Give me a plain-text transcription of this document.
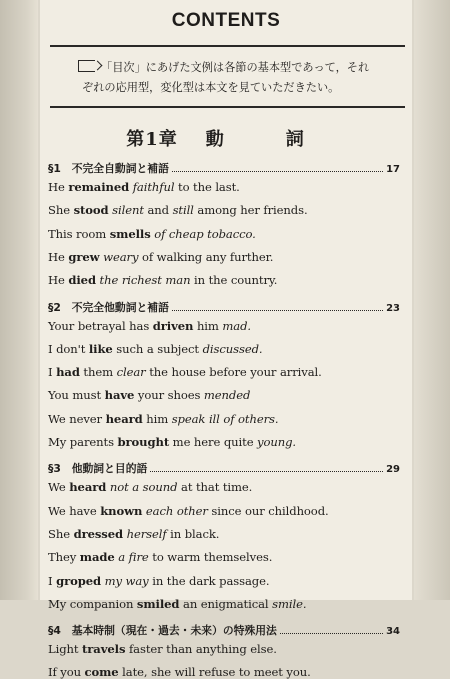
CONTENTS
「目次」にあげた文例は各節の基本型であって，それ
ぞれの応用型，変化型は本文を見ていただきたい。
第1章 動　詞
§1　不完全自動詞と補語	17
He remained faithful to the last.
She stood silent and still among her friends.
This room smells of cheap tobacco.
He grew weary of walking any further.
He died the richest man in the country.
§2　不完全他動詞と補語	23
Your betrayal has driven him mad.
I don't like such a subject discussed.
I had them clear the house before your arrival.
You must have your shoes mended
We never heard him speak ill of others.
My parents brought me here quite young.
§3　他動詞と目的語	29
We heard not a sound at that time.
We have known each other since our childhood.
She dressed herself in black.
They made a fire to warm themselves.
I groped my way in the dark passage.
My companion smiled an enigmatical smile.
§4　基本時制（現在・過去・未来）の特殊用法	34
Light travels faster than anything else.
If you come late, she will refuse to meet you.
